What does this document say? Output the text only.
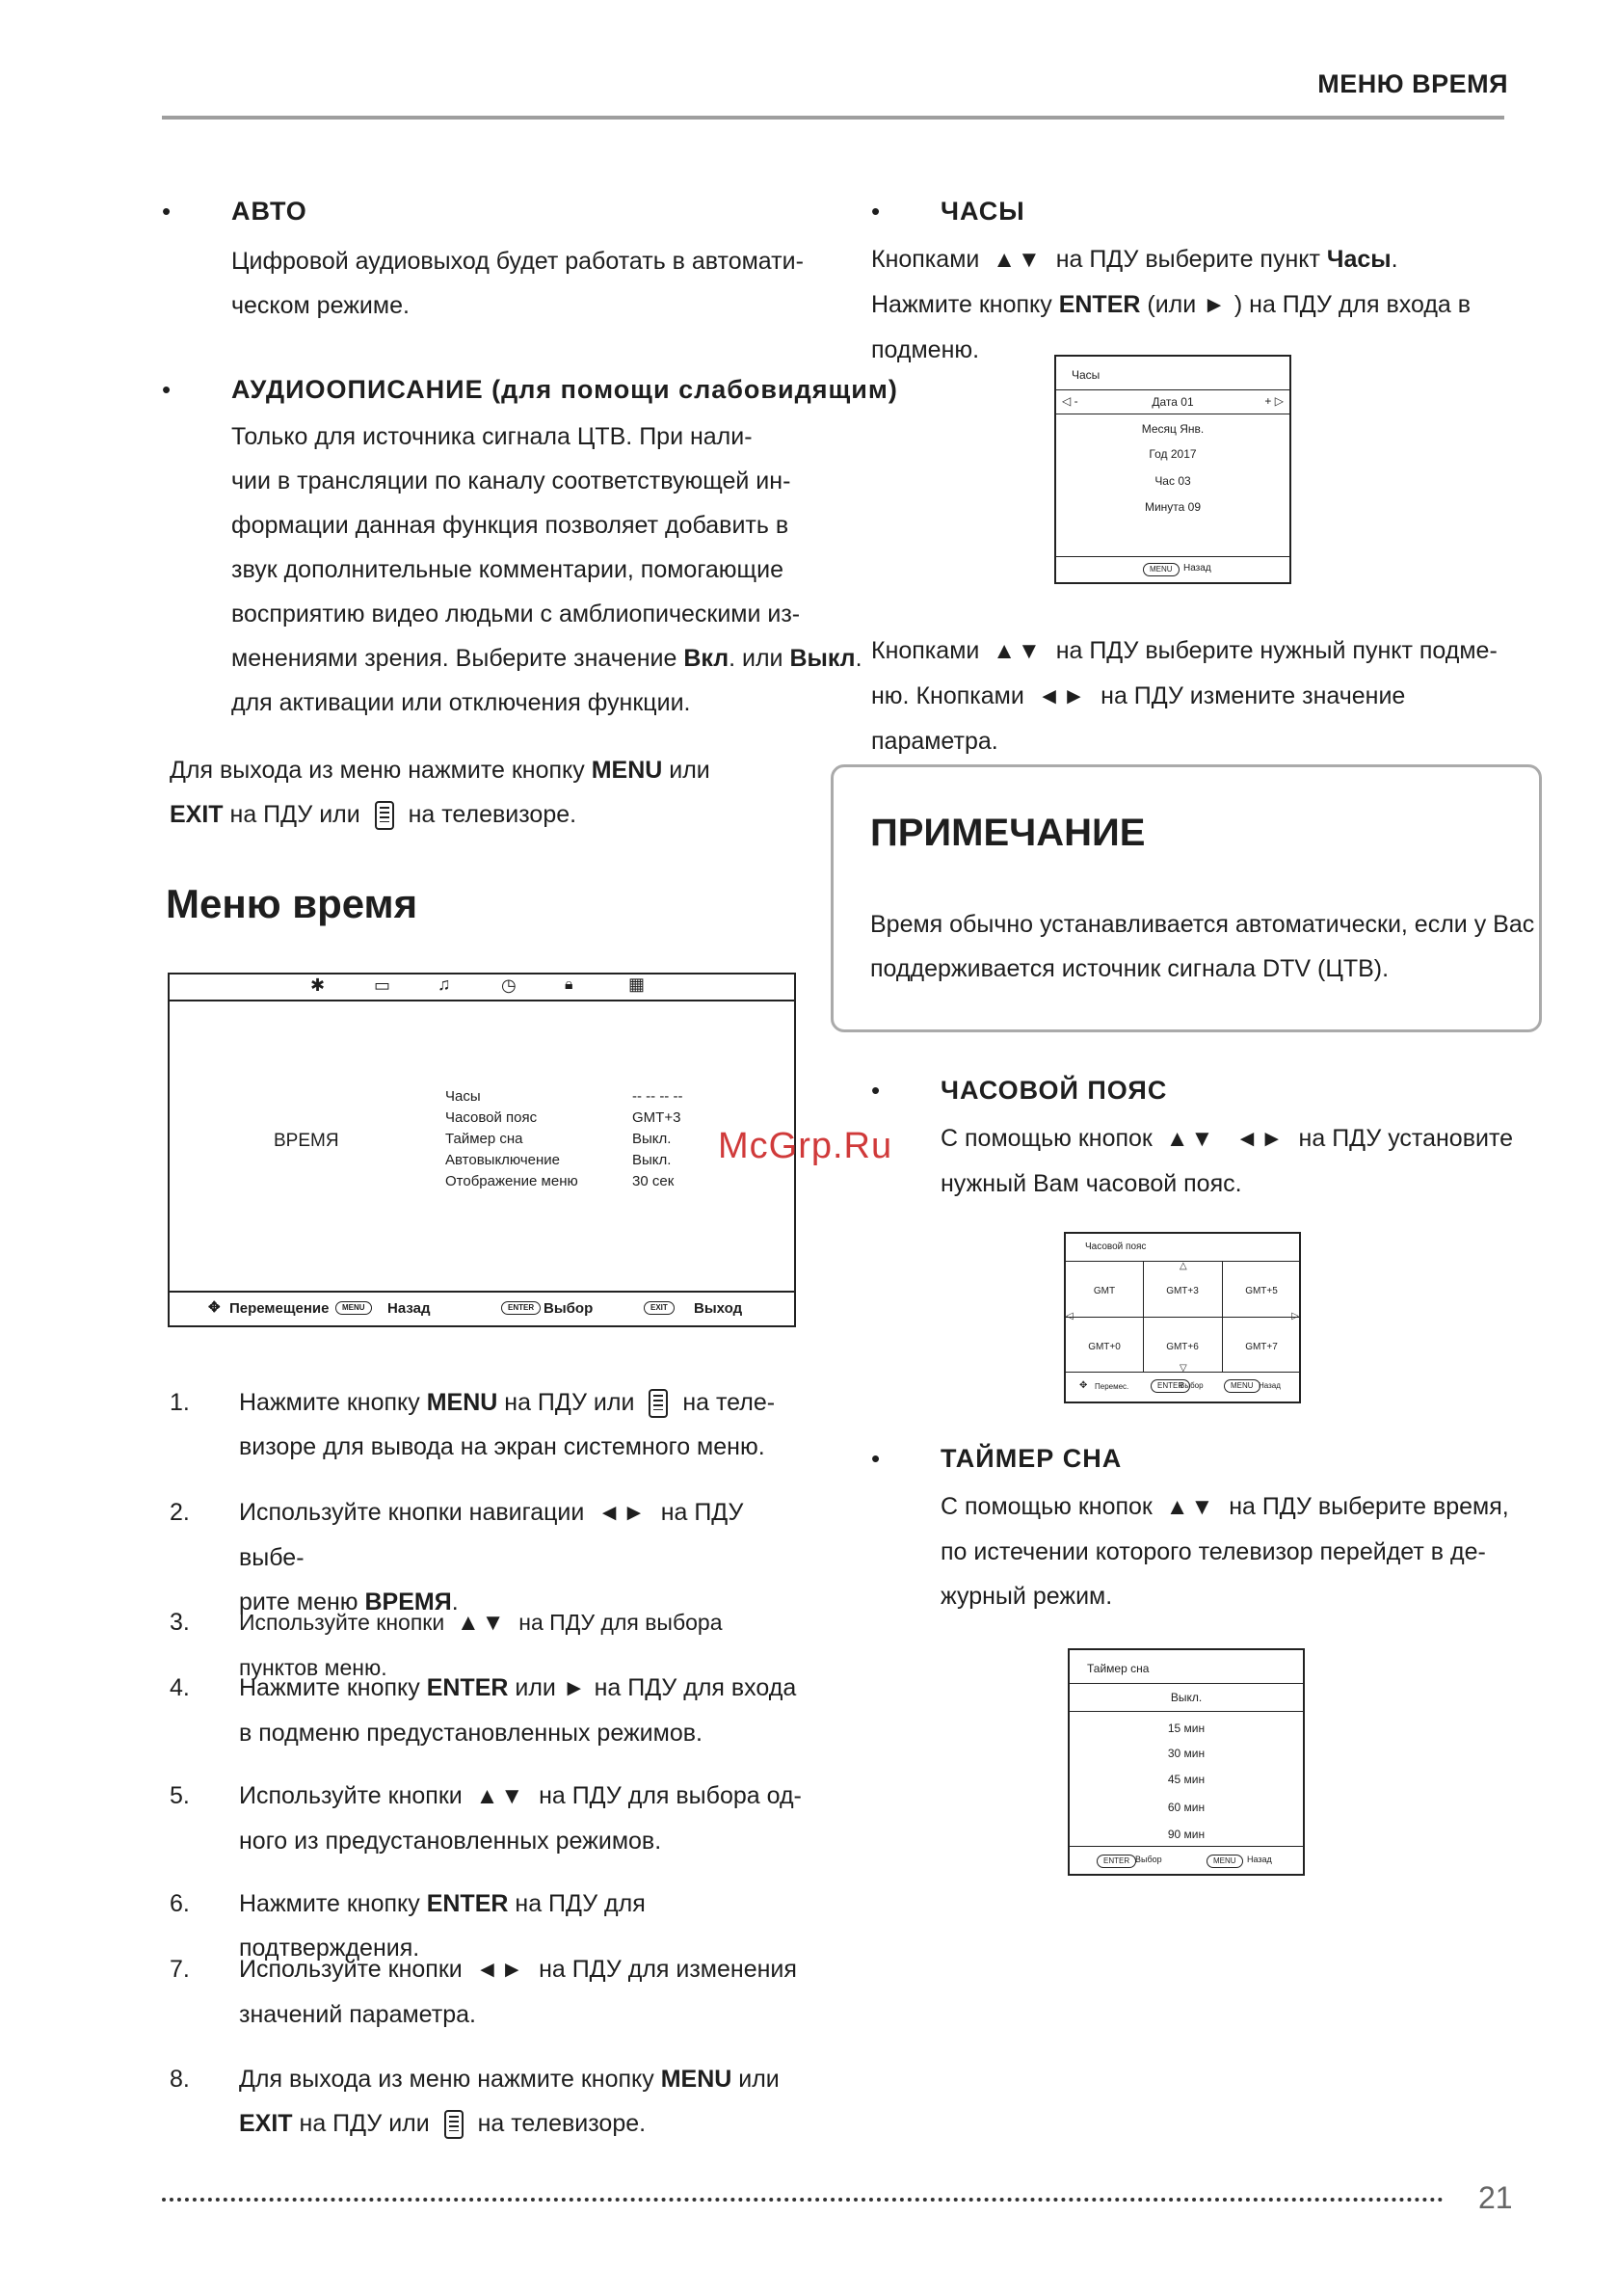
МЕНЮ ВРЕМЯ
• АВТО

Цифровой аудиовыход будет работать в автомати-

ческом режиме.

• АУДИООПИСАНИЕ (для помощи слабовидящим)

Только для источника сигнала ЦТВ. При нали-

чии в трансляции по каналу соответствующей ин-

формации данная функция позволяет добавить в

звук дополнительные комментарии, помогающие

восприятию видео людьми с амблиопическими из-

менениями зрения. Выберите значение Вкл. или Выкл.

для активации или отключения функции.

Для выхода из меню нажмите кнопку MENU или

EXIT на ПДУ или  на телевизоре.

Меню время
✱	▭	♫	◷	🔒︎	▦
ВРЕМЯ
Часы	-- -- -- --
Часовой пояс	GMT+3
Таймер сна	Выкл.
Автовыключение	Выкл.
Отображение меню	30 сек
✥ Перемещение	MENU	Назад	ENTER Выбор	EXIT	Выход
1. Нажмите кнопку MENU на ПДУ или  на теле-
визоре для вывода на экран системного меню.
2. Используйте кнопки навигации ◄► на ПДУ выбе-
рите меню ВРЕМЯ.
3. Используйте кнопки ▲▼ на ПДУ для выбора пунктов меню.
4. Нажмите кнопку ENTER или ► на ПДУ для входа
в подменю предустановленных режимов.
5. Используйте кнопки ▲▼ на ПДУ для выбора од-
ного из предустановленных режимов.
6. Нажмите кнопку ENTER на ПДУ для подтверждения.
7. Используйте кнопки ◄► на ПДУ для изменения
значений параметра.
8. Для выхода из меню нажмите кнопку MENU или
EXIT на ПДУ или  на телевизоре.
• ЧАСЫ
Кнопками ▲▼ на ПДУ выберите пункт Часы.
Нажмите кнопку ENTER (или ► ) на ПДУ для входа в подменю.
Часы
◁ -	Дата 01	+ ▷
Месяц Янв.
Год 2017
Час 03
Минута 09
MENU	Назад
Кнопками ▲▼ на ПДУ выберите нужный пункт подме-
ню. Кнопками ◄► на ПДУ измените значение параметра.
ПРИМЕЧАНИЕ
Время обычно устанавливается автоматически, если у Вас
поддерживается источник сигнала DTV (ЦТВ).
• ЧАСОВОЙ ПОЯС
С помощью кнопок ▲▼ ◄► на ПДУ установите
нужный Вам часовой пояс.
Часовой пояс
△
◁	▷
▽
GMT	GMT+3	GMT+5
GMT+0	GMT+6	GMT+7
✥ Перемес.	ENTER
Выбор	MENU Назад
• ТАЙМЕР СНА
С помощью кнопок ▲▼ на ПДУ выберите время,
по истечении которого телевизор перейдет в де-
журный режим.
Таймер сна
Выкл.
15 мин
30 мин
45 мин
60 мин
90 мин
ENTER Выбор	MENU	Назад
McGrp.Ru
21
